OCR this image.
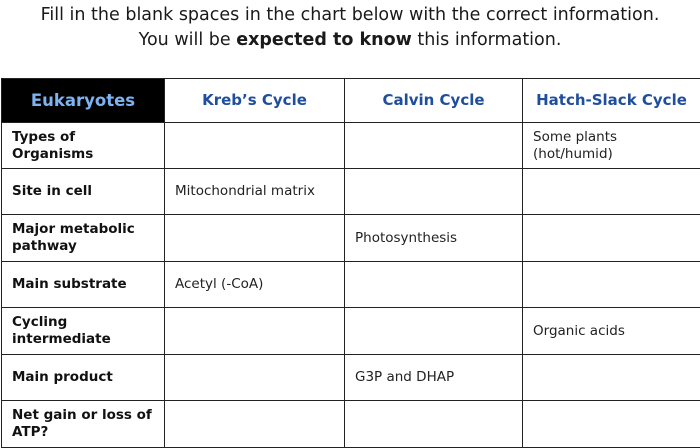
Fill in the blank spaces in the chart below with the correct information.
You will be expected to know this information.
Eukaryotes	Kreb’s Cycle	Calvin Cycle	Hatch-Slack Cycle
Types of Organisms			Some plants (hot/humid)
Site in cell	Mitochondrial matrix		
Major metabolic pathway		Photosynthesis	
Main substrate	Acetyl (-CoA)		
Cycling intermediate			Organic acids
Main product		G3P and DHAP	
Net gain or loss of ATP?			
